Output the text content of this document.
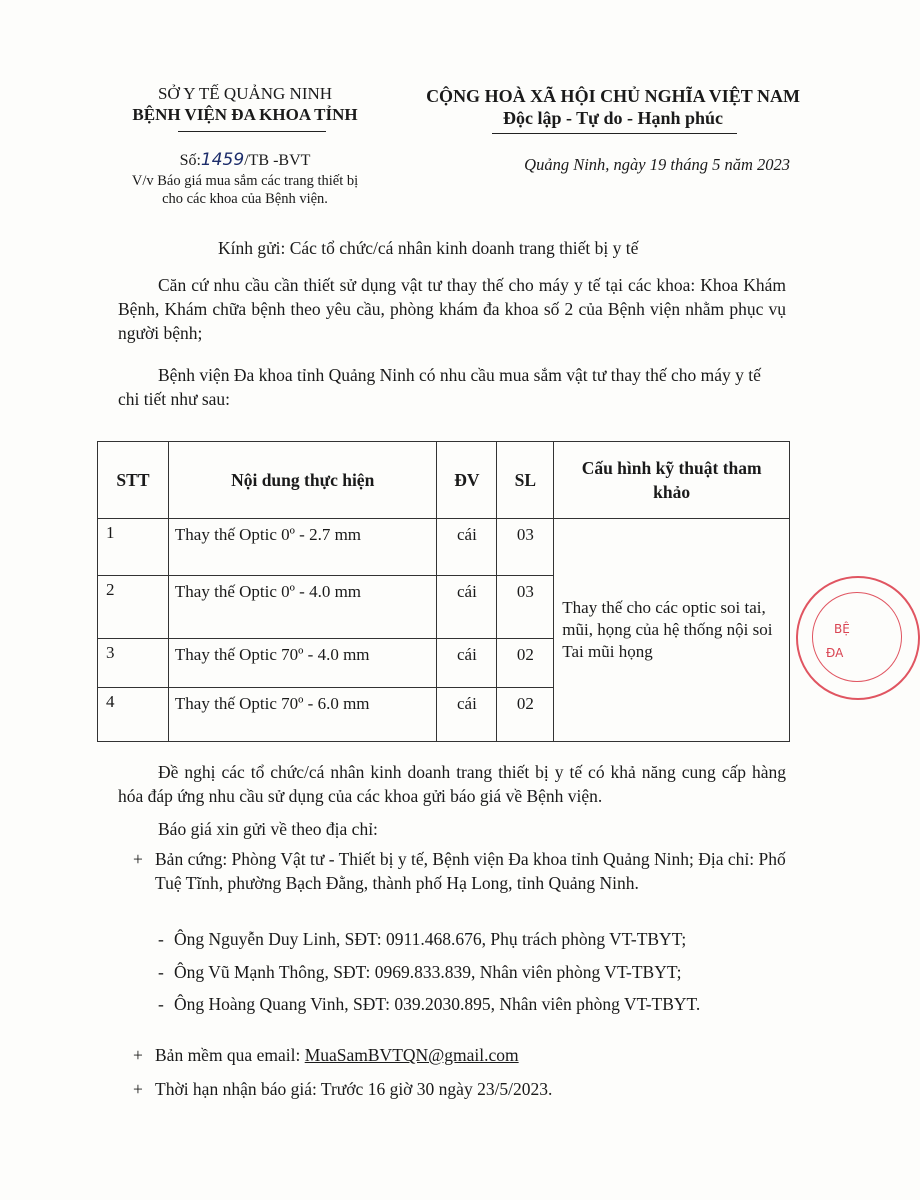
SỞ Y TẾ QUẢNG NINH
BỆNH VIỆN ĐA KHOA TỈNH
CỘNG HOÀ XÃ HỘI CHỦ NGHĨA VIỆT NAM
Độc lập - Tự do - Hạnh phúc
Số:1459/TB -BVT
V/v Báo giá mua sắm các trang thiết bị
cho các khoa của Bệnh viện.
Quảng Ninh, ngày 19 tháng 5 năm 2023
Kính gửi: Các tổ chức/cá nhân kinh doanh trang thiết bị y tế
Căn cứ nhu cầu cần thiết sử dụng vật tư thay thế cho máy y tế tại các khoa: Khoa Khám Bệnh, Khám chữa bệnh theo yêu cầu, phòng khám đa khoa số 2 của Bệnh viện nhằm phục vụ người bệnh;
Bệnh viện Đa khoa tỉnh Quảng Ninh có nhu cầu mua sắm vật tư thay thế cho máy y tế chi tiết như sau:
STT	Nội dung thực hiện	ĐV	SL	Cấu hình kỹ thuật tham khảo
1	Thay thế Optic 0º - 2.7 mm	cái	03	Thay thế cho các optic soi tai, mũi, họng của hệ thống nội soi Tai mũi họng
2	Thay thế Optic 0º - 4.0 mm	cái	03	
3	Thay thế Optic 70º - 4.0 mm	cái	02	
4	Thay thế Optic 70º - 6.0 mm	cái	02	
Đề nghị các tổ chức/cá nhân kinh doanh trang thiết bị y tế có khả năng cung cấp hàng hóa đáp ứng nhu cầu sử dụng của các khoa gửi báo giá về Bệnh viện.
Báo giá xin gửi về theo địa chỉ:
+ Bản cứng: Phòng Vật tư - Thiết bị y tế, Bệnh viện Đa khoa tỉnh Quảng Ninh; Địa chỉ: Phố Tuệ Tĩnh, phường Bạch Đằng, thành phố Hạ Long, tỉnh Quảng Ninh.
- Ông Nguyễn Duy Linh, SĐT: 0911.468.676, Phụ trách phòng VT-TBYT;
- Ông Vũ Mạnh Thông, SĐT: 0969.833.839, Nhân viên phòng VT-TBYT;
- Ông Hoàng Quang Vinh, SĐT: 039.2030.895, Nhân viên phòng VT-TBYT.
+ Bản mềm qua email: MuaSamBVTQN@gmail.com
+ Thời hạn nhận báo giá: Trước 16 giờ 30 ngày 23/5/2023.
BỆ
ĐA
